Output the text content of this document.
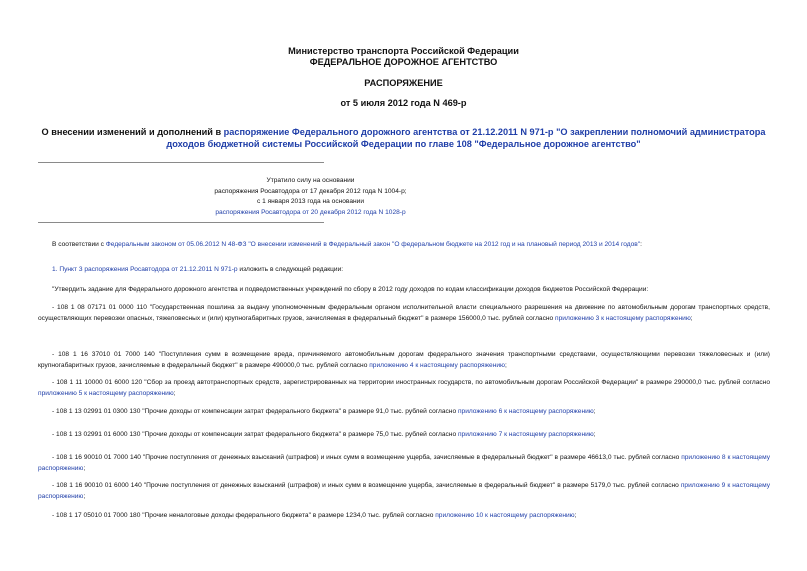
Министерство транспорта Российской Федерации
ФЕДЕРАЛЬНОЕ ДОРОЖНОЕ АГЕНТСТВО
РАСПОРЯЖЕНИЕ
от 5 июля 2012 года N 469-р
О внесении изменений и дополнений в распоряжение Федерального дорожного агентства от 21.12.2011 N 971-р "О закреплении полномочий администратора доходов бюджетной системы Российской Федерации по главе 108 "Федеральное дорожное агентство"
Утратило силу на основании
распоряжения Росавтодора от 17 декабря 2012 года N 1004-р;
с 1 января 2013 года на основании
распоряжения Росавтодора от 20 декабря 2012 года N 1028-р
В соответствии с Федеральным законом от 05.06.2012 N 48-ФЗ "О внесении изменений в Федеральный закон "О федеральном бюджете на 2012 год и на плановый период 2013 и 2014 годов":
1. Пункт 3 распоряжения Росавтодора от 21.12.2011 N 971-р изложить в следующей редакции:
"Утвердить задание для Федерального дорожного агентства и подведомственных учреждений по сбору в 2012 году доходов по кодам классификации доходов бюджетов Российской Федерации:
- 108 1 08 07171 01 0000 110 "Государственная пошлина за выдачу уполномоченным федеральным органом исполнительной власти специального разрешения на движение по автомобильным дорогам транспортных средств, осуществляющих перевозки опасных, тяжеловесных и (или) крупногабаритных грузов, зачисляемая в федеральный бюджет" в размере 156000,0 тыс. рублей согласно приложению 3 к настоящему распоряжению;
- 108 1 16 37010 01 7000 140 "Поступления сумм в возмещение вреда, причиняемого автомобильным дорогам федерального значения транспортными средствами, осуществляющими перевозки тяжеловесных и (или) крупногабаритных грузов, зачисляемые в федеральный бюджет" в размере 490000,0 тыс. рублей согласно приложению 4 к настоящему распоряжению;
- 108 1 11 10000 01 6000 120 "Сбор за проезд автотранспортных средств, зарегистрированных на территории иностранных государств, по автомобильным дорогам Российской Федерации" в размере 290000,0 тыс. рублей согласно приложению 5 к настоящему распоряжению;
- 108 1 13 02991 01 0300 130 "Прочие доходы от компенсации затрат федерального бюджета" в размере 91,0 тыс. рублей согласно приложению 6 к настоящему распоряжению;
- 108 1 13 02991 01 6000 130 "Прочие доходы от компенсации затрат федерального бюджета" в размере 75,0 тыс. рублей согласно приложению 7 к настоящему распоряжению;
- 108 1 16 90010 01 7000 140 "Прочие поступления от денежных взысканий (штрафов) и иных сумм в возмещение ущерба, зачисляемые в федеральный бюджет" в размере 46613,0 тыс. рублей согласно приложению 8 к настоящему распоряжению;
- 108 1 16 90010 01 6000 140 "Прочие поступления от денежных взысканий (штрафов) и иных сумм в возмещение ущерба, зачисляемые в федеральный бюджет" в размере 5179,0 тыс. рублей согласно приложению 9 к настоящему распоряжению;
- 108 1 17 05010 01 7000 180 "Прочие неналоговые доходы федерального бюджета" в размере 1234,0 тыс. рублей согласно приложению 10 к настоящему распоряжению;
